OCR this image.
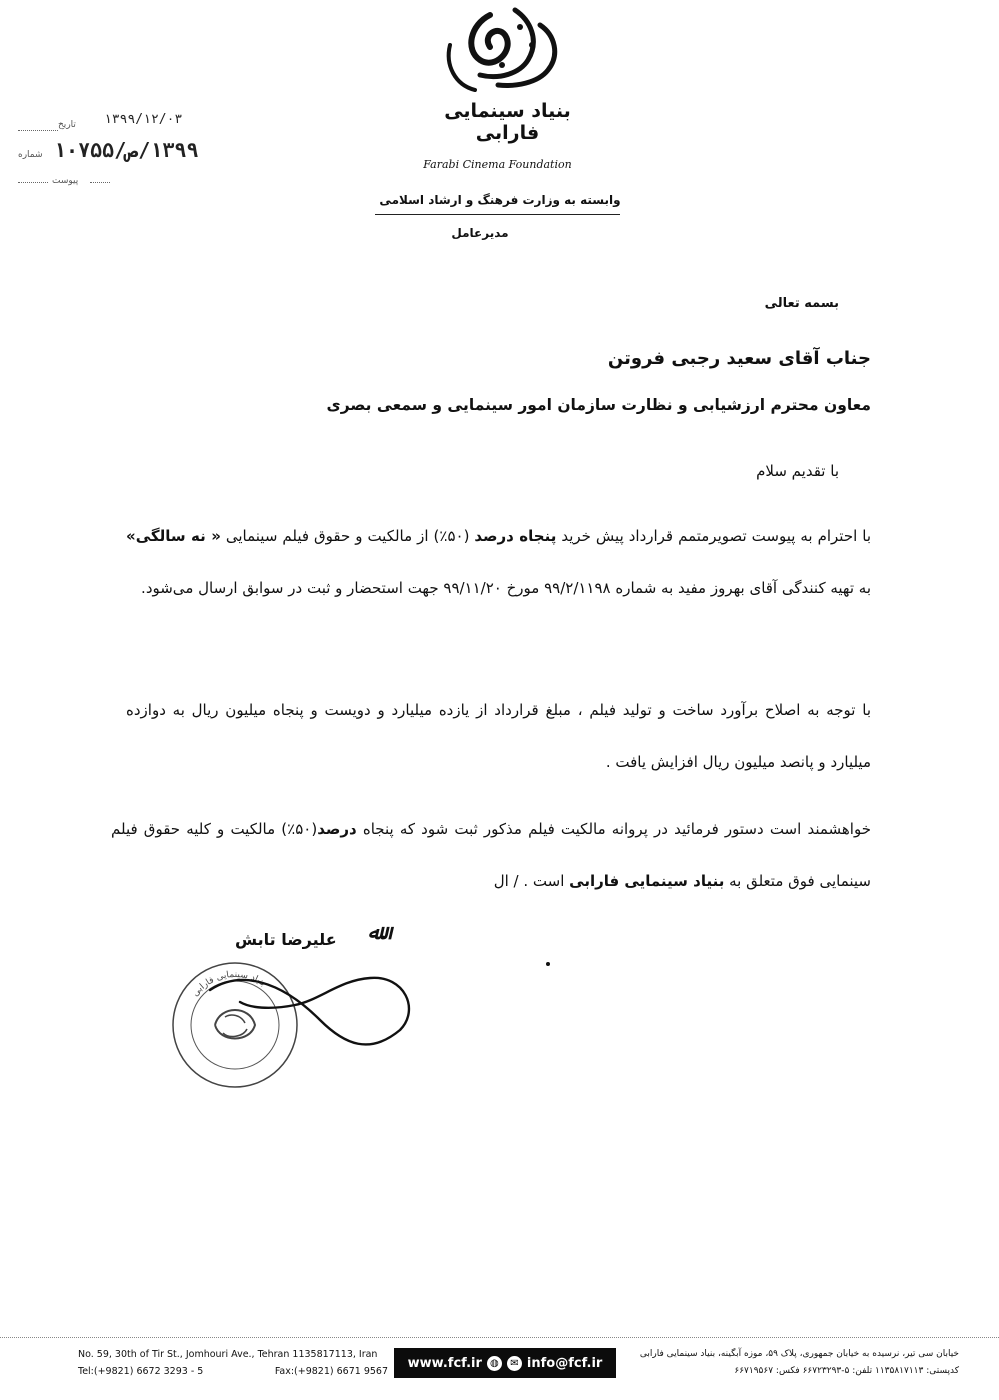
بنیاد سینمایی فارابی
Farabi Cinema Foundation
وابسته به وزارت فرهنگ و ارشاد اسلامی
مدیرعامل
تاریخ ۱۳۹۹/۱۲/۰۳
شماره ۱۳۹۹/ص/۱۰۷۵۵
پیوست
بسمه تعالی
جناب آقای سعید رجبی فروتن
معاون محترم ارزشیابی و نظارت سازمان امور سینمایی و سمعی بصری
با تقدیم سلام
با احترام به پیوست تصویرمتمم قرارداد پیش خرید پنجاه درصد (۵۰٪) از مالکیت و حقوق فیلم سینمایی « نه سالگی» به تهیه کنندگی آقای بهروز مفید به شماره ۹۹/۲/۱۱۹۸ مورخ ۹۹/۱۱/۲۰ جهت استحضار و ثبت در سوابق ارسال می‌شود.
با توجه به اصلاح برآورد ساخت و تولید فیلم ، مبلغ قرارداد از یازده میلیارد و دویست و پنجاه میلیون ریال به دوازده میلیارد و پانصد میلیون ریال افزایش یافت .
خواهشمند است دستور فرمائید در پروانه مالکیت فیلم مذکور ثبت شود که پنجاه درصد(۵۰٪) مالکیت و کلیه حقوق فیلم سینمایی فوق متعلق به بنیاد سینمایی فارابی است . / ال
ﷲ.
علیرضا تابش
بنیاد سینمایی فارابی
No. 59, 30th of Tir St., Jomhouri Ave., Tehran 1135817113, Iran
Tel:(+9821) 6672 3293 - 5	Fax:(+9821) 6671 9567
www.fcf.ir ◍	✉ info@fcf.ir
خیابان سی تیر، نرسیده به خیابان جمهوری، پلاک ۵۹، موزه آبگینه، بنیاد سینمایی فارابی
کدپستی: ۱۱۳۵۸۱۷۱۱۳ تلفن: ۵-۶۶۷۲۳۲۹۳ فکس: ۶۶۷۱۹۵۶۷
